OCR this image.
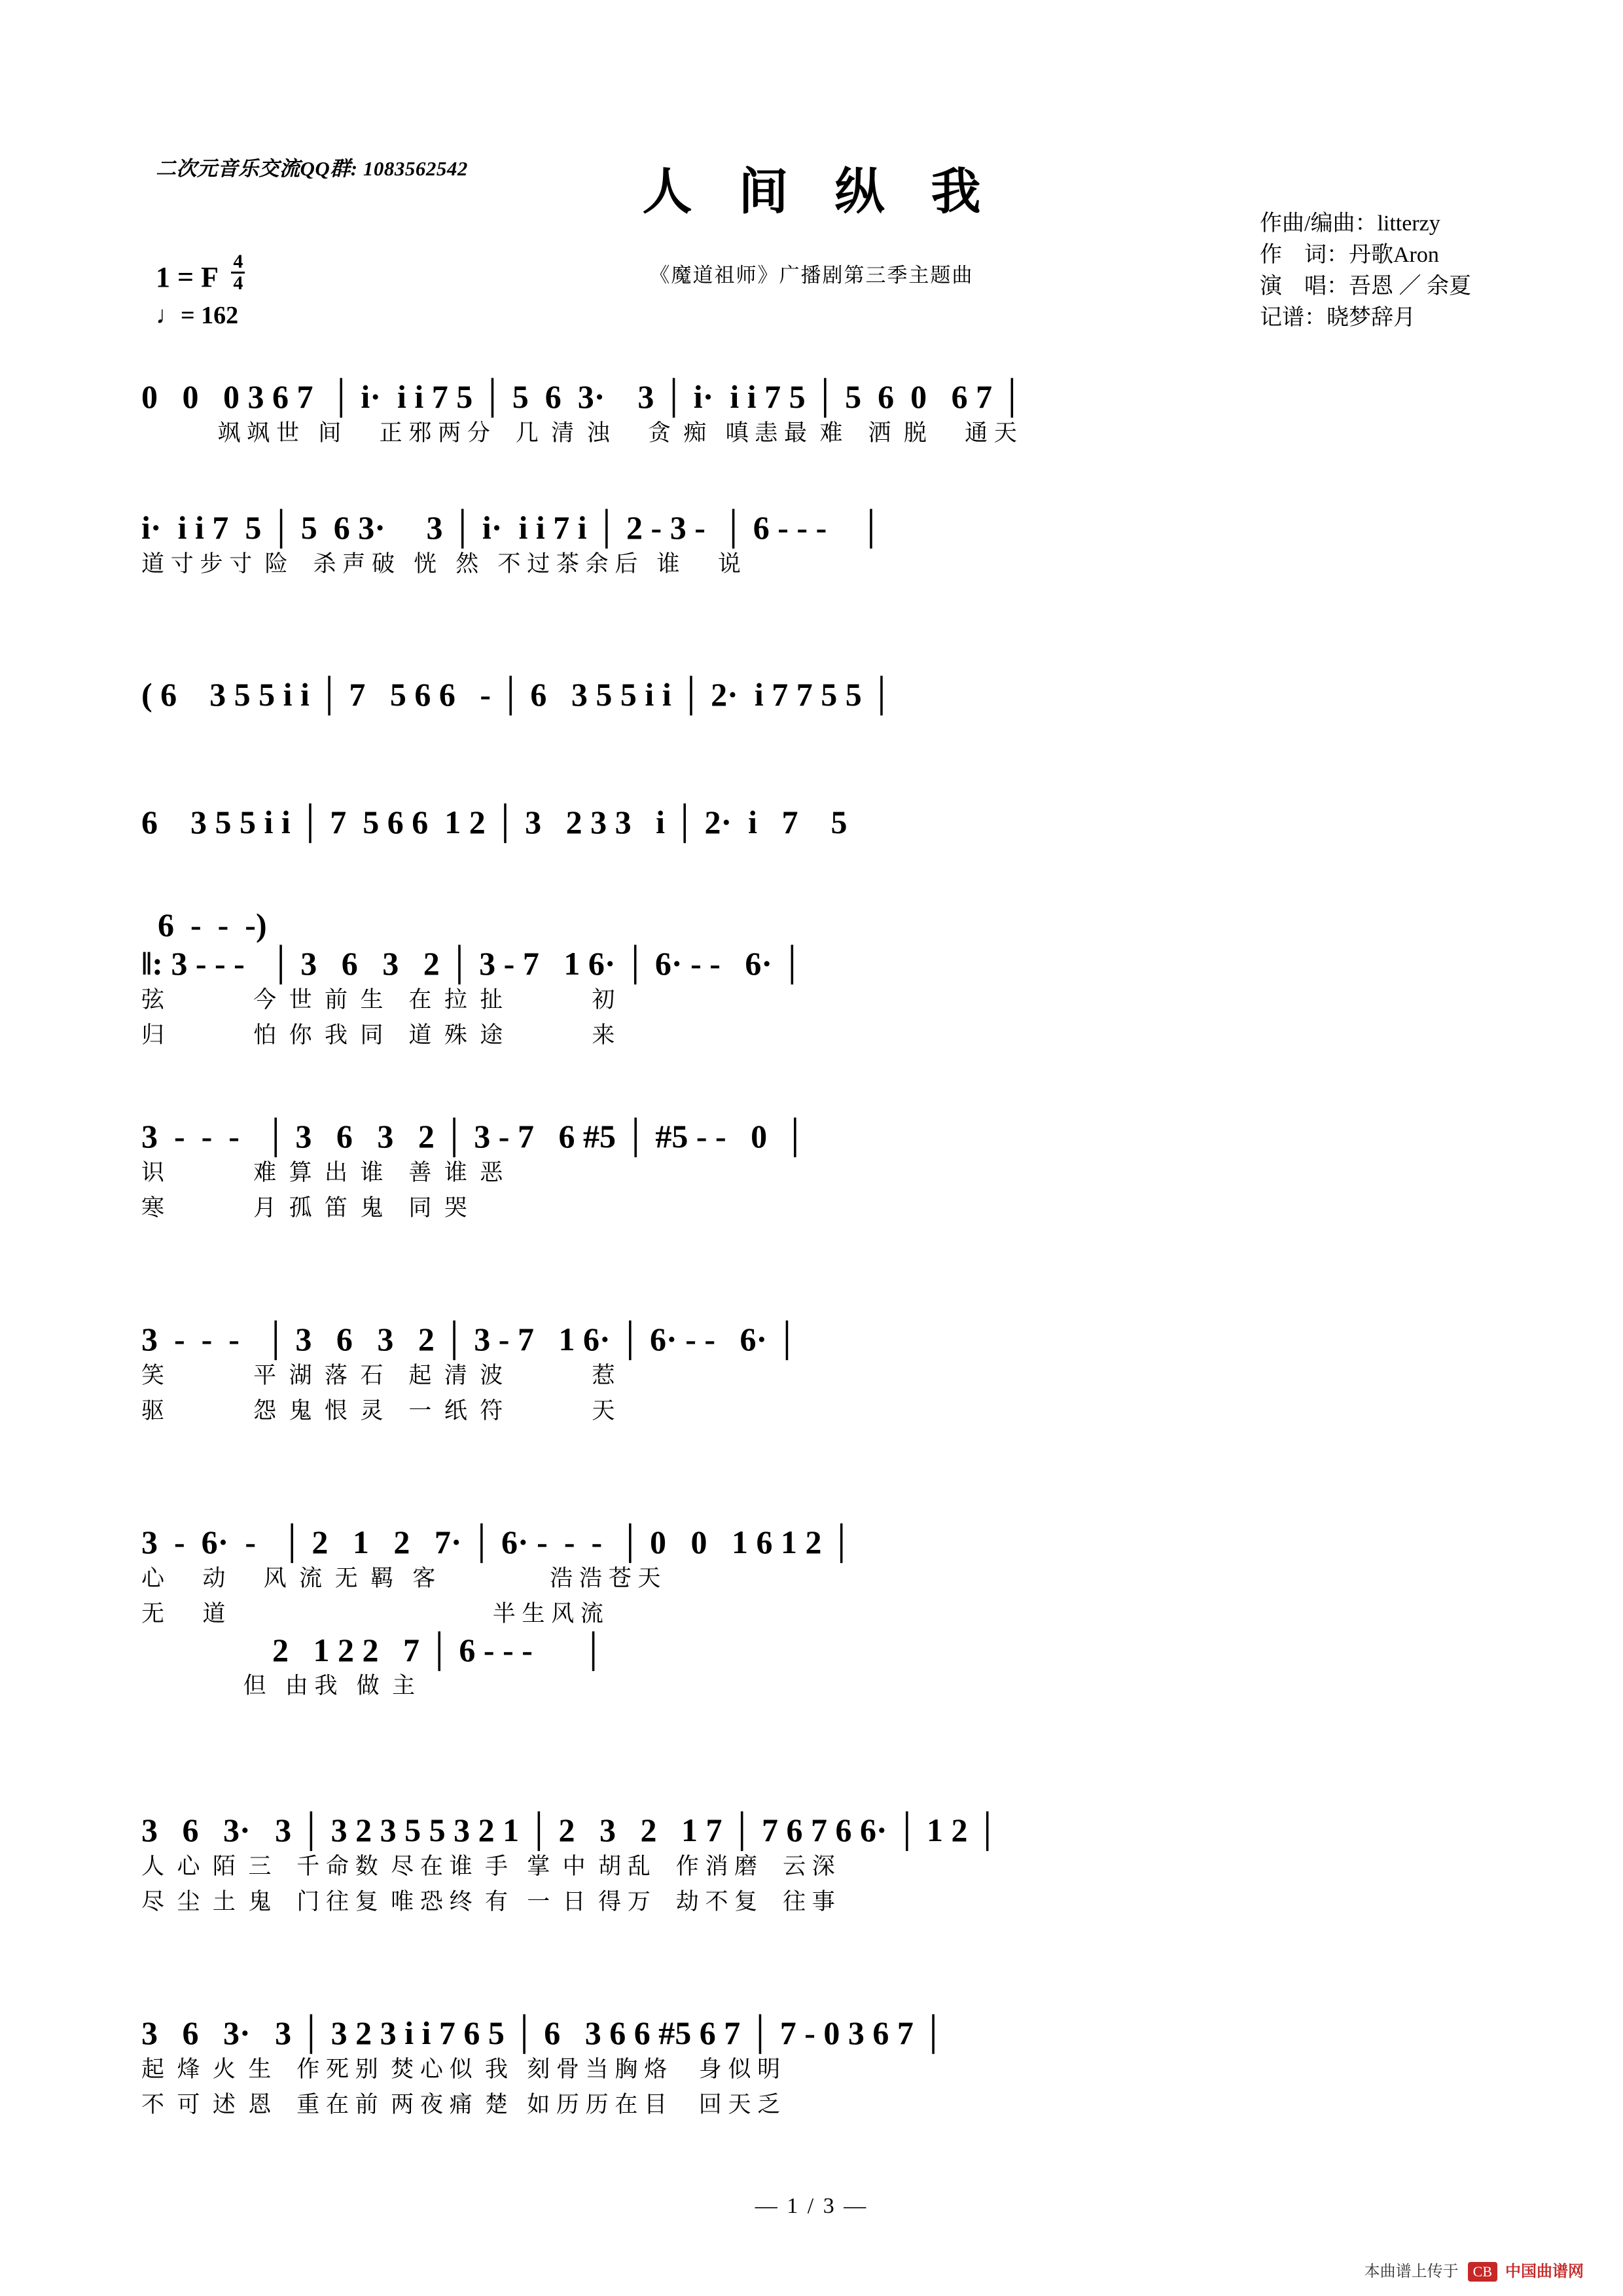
二次元音乐交流QQ群: 1083562542	人 间 纵 我
《魔道祖师》广播剧第三季主题曲
作曲/编曲：litterzy
作　词：丹歌Aron
演　唱：吾恩 ／ 余夏
记谱：晓梦辞月
1 = F $\frac{4}{4}$
♩= 162
0   0   0 3 6 7  │ i·  i i 7 5 │ 5  6  3·    3 │ i·  i i 7 5 │ 5  6  0   6 7 │
飒 飒 世   间      正 邪 两 分    几  清  浊      贪  痴   嗔 恚 最  难    洒  脱      通 天
i·  i i 7  5 │ 5  6 3·     3 │ i·  i i 7 i │ 2 - 3 -  │ 6 - - -    │
道 寸 步 寸  险    杀 声 破   恍   然   不 过 茶 余 后   谁      说
( 6    3 5 5 i i │ 7   5 6 6   - │ 6   3 5 5 i i │ 2·  i 7 7 5 5 │
6    3 5 5 i i │ 7  5 6 6  1 2 │ 3   2 3 3   i │ 2·  i   7    5
6  -  -  -)
‖: 3 - - -   │ 3   6   3   2 │ 3 - 7   1 6· │ 6· - -   6· │
弦              今  世  前  生    在  拉  扯              初
归              怕  你  我  同    道  殊  途              来
3  -  -  -   │ 3   6   3   2 │ 3 - 7   6 #5 │ #5 - -   0  │
识              难  算  出  谁    善  谁  恶
寒              月  孤  笛  鬼    同  哭
3  -  -  -   │ 3   6   3   2 │ 3 - 7   1 6· │ 6· - -   6· │
笑              平  湖  落  石    起  清  波              惹
驱              怨  鬼  恨  灵    一  纸  符              天
3  -  6·  -   │ 2   1   2   7· │ 6· -  -  -  │ 0   0   1 6 1 2 │
心      动      风  流  无  羁   客                  浩 浩 苍 天
无      道                                          半 生 风 流
2   1 2 2   7 │ 6 - - -      │
但   由 我   做  主
3   6   3·   3 │ 3 2 3 5 5 3 2 1 │ 2   3   2   1 7 │ 7 6 7 6 6· │ 1 2 │
人  心  陌  三    千 命 数  尽 在 谁  手   掌  中  胡 乱    作 消 磨    云 深
尽  尘  土  鬼    门 往 复  唯 恐 终  有   一  日  得 万    劫 不 复    往 事
3   6   3·   3 │ 3 2 3 i i 7 6 5 │ 6   3 6 6 #5 6 7 │ 7 - 0 3 6 7 │
起  烽  火  生    作 死 别  焚 心 似  我   刻 骨 当 胸 烙     身 似 明
不  可  述  恩    重 在 前  两 夜 痛  楚   如 历 历 在 目     回 天 乏
— 1 / 3 —
本曲谱上传于 CB 中国曲谱网
